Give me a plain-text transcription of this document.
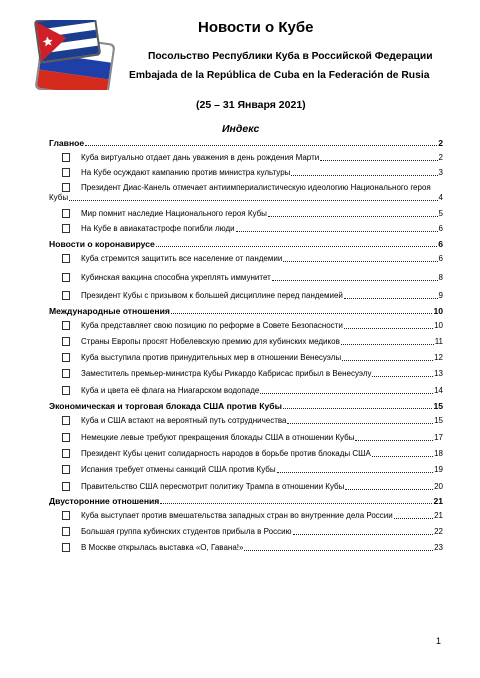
Новости о Кубе
Посольство Республики Куба в Российской Федерации
Embajada de la República de Cuba en la Federación de Rusia
(25 – 31 Января 2021)
Индекс
Главное	2
Куба виртуально отдает дань уважения в день рождения Марти	2
На Кубе осуждают кампанию против министра культуры	3
Президент Диас-Канель отмечает антиимпериалистическую идеологию Национального героя
Кубы	4
Мир помнит наследие Национального героя Кубы	5
На Кубе в авиакатастрофе погибли люди	6
Новости о коронавирусе	6
Куба стремится защитить все население от пандемии	6
Кубинская вакцина способна укреплять иммунитет	8
Президент Кубы с призывом к большей дисциплине перед пандемией	9
Международные отношения	10
Куба представляет свою позицию по реформе в Совете Безопасности	10
Страны Европы просят Нобелевскую премию для кубинских медиков	11
Куба выступила против принудительных мер в отношении Венесуэлы	12
Заместитель премьер-министра Кубы Рикардо Кабрисас прибыл в Венесуэлу	13
Куба и цвета её флага на Ниагарском водопаде	14
Экономическая и торговая блокада США против Кубы	15
Куба и США встают на вероятный путь сотрудничества	15
Немецкие левые требуют прекращения блокады США в отношении Кубы	17
Президент Кубы ценит солидарность народов в борьбе против блокады США	18
Испания требует отмены санкций США против Кубы	19
Правительство США пересмотрит политику Трампа в отношении Кубы	20
Двусторонние отношения	21
Куба выступает против вмешательства западных стран во внутренние дела России	21
Большая группа кубинских студентов прибыла в Россию	22
В Москве открылась выставка «О, Гавана!»	23
1
